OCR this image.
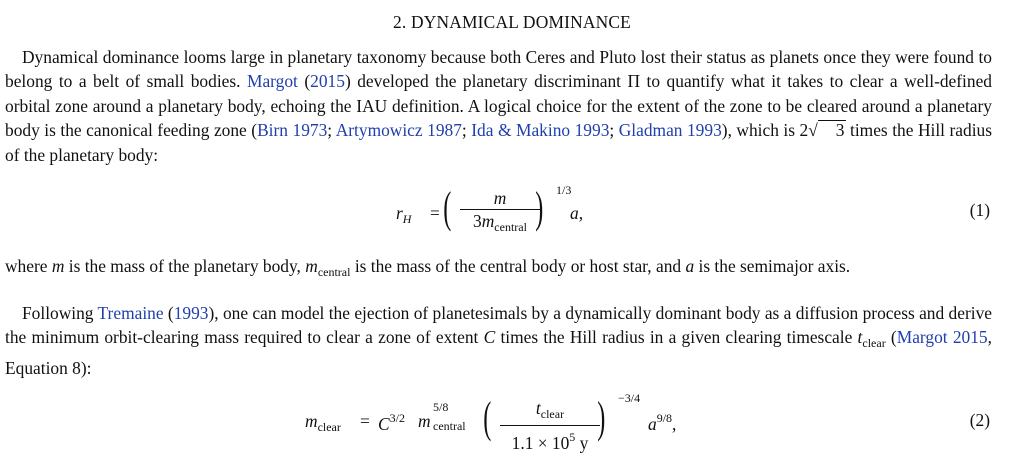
2. DYNAMICAL DOMINANCE

Dynamical dominance looms large in planetary taxonomy because both Ceres and Pluto lost their status as planets once they were found to belong to a belt of small bodies. Margot (2015) developed the planetary discriminant Π to quantify what it takes to clear a well-defined orbital zone around a planetary body, echoing the IAU definition. A logical choice for the extent of the zone to be cleared around a planetary body is the canonical feeding zone (Birn 1973; Artymowicz 1987; Ida & Makino 1993; Gladman 1993), which is 2√ 3 times the Hill radius of the planetary body:

$r_H$ = (	m
$3m_{central}$ ) 1/3
a,	(1)

where m is the mass of the planetary body, $m_{central}$ is the mass of the central body or host star, and a is the semimajor axis.

Following Tremaine (1993), one can model the ejection of planetesimals by a dynamically dominant body as a diffusion process and derive the minimum orbit-clearing mass required to clear a zone of extent C times the Hill radius in a given clearing timescale $t_{clear}$ (Margot 2015, Equation 8):

$m_{clear} = C^{3/2}$ m
5/8
central (	$t_{clear}$
$1.1 \times 10^5$ y
) −3/4
$a^{9/8}$,	(2)
